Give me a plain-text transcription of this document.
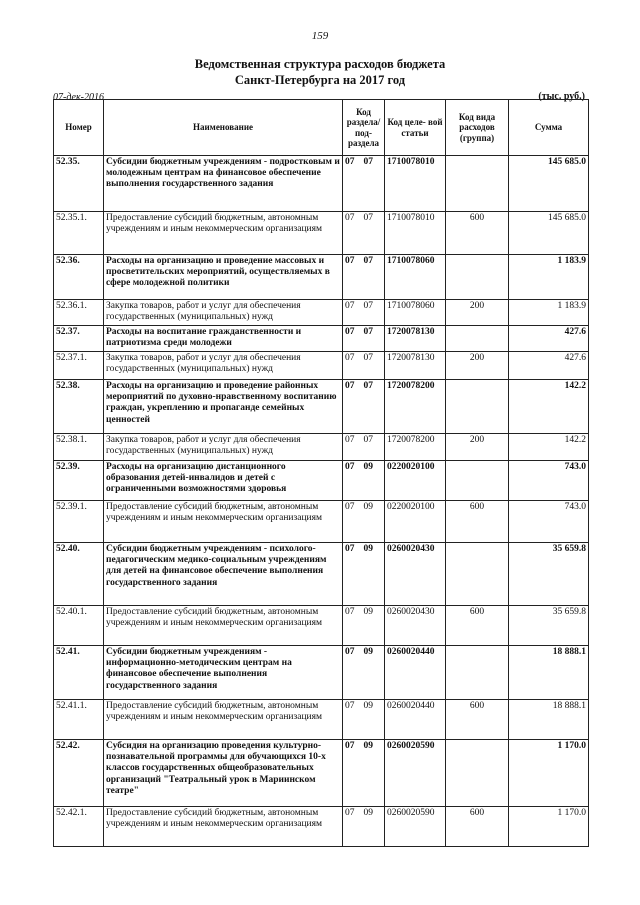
159
Ведомственная структура расходов бюджета
Санкт-Петербурга на 2017 год
07-дек-2016	(тыс. руб.)
Номер	Наименование	Код раздела/ под- раздела	Код целе- вой статьи	Код вида расходов (группа)	Сумма
52.35.	Субсидии бюджетным учреждениям - подростковым и молодежным центрам на финансовое обеспечение выполнения государственного задания	07 07	1710078010		145 685.0
52.35.1.	Предоставление субсидий бюджетным, автономным учреждениям и иным некоммерческим организациям	07 07	1710078010	600	145 685.0
52.36.	Расходы на организацию и проведение массовых и просветительских мероприятий, осуществляемых в сфере молодежной политики	07 07	1710078060		1 183.9
52.36.1.	Закупка товаров, работ и услуг для обеспечения государственных (муниципальных) нужд	07 07	1710078060	200	1 183.9
52.37.	Расходы на воспитание гражданственности и патриотизма среди молодежи	07 07	1720078130		427.6
52.37.1.	Закупка товаров, работ и услуг для обеспечения государственных (муниципальных) нужд	07 07	1720078130	200	427.6
52.38.	Расходы на организацию и проведение районных мероприятий по духовно-нравственному воспитанию граждан, укреплению и пропаганде семейных ценностей	07 07	1720078200		142.2
52.38.1.	Закупка товаров, работ и услуг для обеспечения государственных (муниципальных) нужд	07 07	1720078200	200	142.2
52.39.	Расходы на организацию дистанционного образования детей-инвалидов и детей с ограниченными возможностями здоровья	07 09	0220020100		743.0
52.39.1.	Предоставление субсидий бюджетным, автономным учреждениям и иным некоммерческим организациям	07 09	0220020100	600	743.0
52.40.	Субсидии бюджетным учреждениям - психолого-педагогическим медико-социальным учреждениям для детей на финансовое обеспечение выполнения государственного задания	07 09	0260020430		35 659.8
52.40.1.	Предоставление субсидий бюджетным, автономным учреждениям и иным некоммерческим организациям	07 09	0260020430	600	35 659.8
52.41.	Субсидии бюджетным учреждениям - информационно-методическим центрам на финансовое обеспечение выполнения государственного задания	07 09	0260020440		18 888.1
52.41.1.	Предоставление субсидий бюджетным, автономным учреждениям и иным некоммерческим организациям	07 09	0260020440	600	18 888.1
52.42.	Субсидия на организацию проведения культурно-познавательной программы для обучающихся 10-х классов государственных общеобразовательных организаций "Театральный урок в Мариинском театре"	07 09	0260020590		1 170.0
52.42.1.	Предоставление субсидий бюджетным, автономным учреждениям и иным некоммерческим организациям	07 09	0260020590	600	1 170.0
